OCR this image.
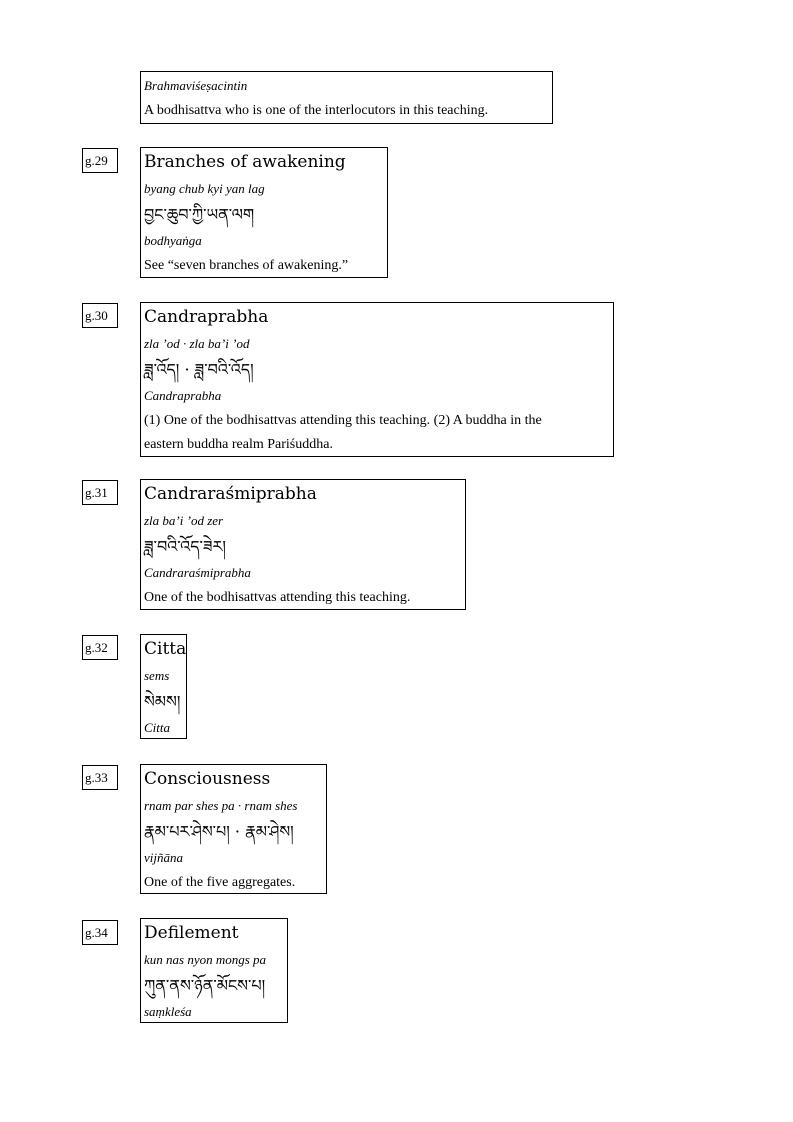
Brahmaviśeṣacintin
A bodhisattva who is one of the interlocutors in this teaching.
g.29	Branches of awakening
byang chub kyi yan lag
བྱང་ཆུབ་ཀྱི་ཡན་ལག
bodhyaṅga
See “seven branches of awakening.”
g.30	Candraprabha
zla ’od · zla ba’i ’od
ཟླ་འོད། · ཟླ་བའི་འོད།
Candraprabha
(1) One of the bodhisattvas attending this teaching. (2) A buddha in the
eastern buddha realm Pariśuddha.
g.31	Candraraśmiprabha
zla ba’i ’od zer
ཟླ་བའི་འོད་ཟེར།
Candraraśmiprabha
One of the bodhisattvas attending this teaching.
g.32	Citta
sems
སེམས།
Citta
g.33	Consciousness
rnam par shes pa · rnam shes
རྣམ་པར་ཤེས་པ། · རྣམ་ཤེས།
vijñāna
One of the five aggregates.
g.34	Defilement
kun nas nyon mongs pa
ཀུན་ནས་ཉོན་མོངས་པ།
saṃkleśa
